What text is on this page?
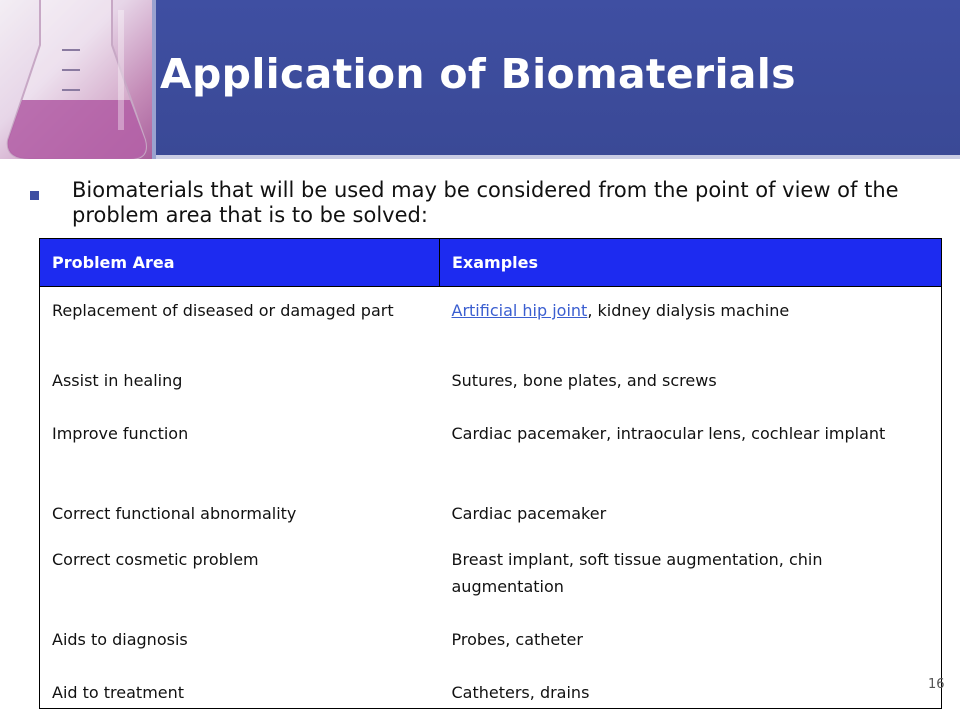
Application of Biomaterials
Biomaterials that will be used may be considered from the point of view of the problem area that is to be solved:
Problem Area	Examples
Replacement of diseased or damaged part	Artificial hip joint, kidney dialysis machine
Assist in healing	Sutures, bone plates, and screws
Improve function	Cardiac pacemaker, intraocular lens, cochlear implant
Correct functional abnormality	Cardiac pacemaker
Correct cosmetic problem	Breast implant, soft tissue augmentation, chin augmentation
Aids to diagnosis	Probes, catheter
Aid to treatment	Catheters, drains	16
